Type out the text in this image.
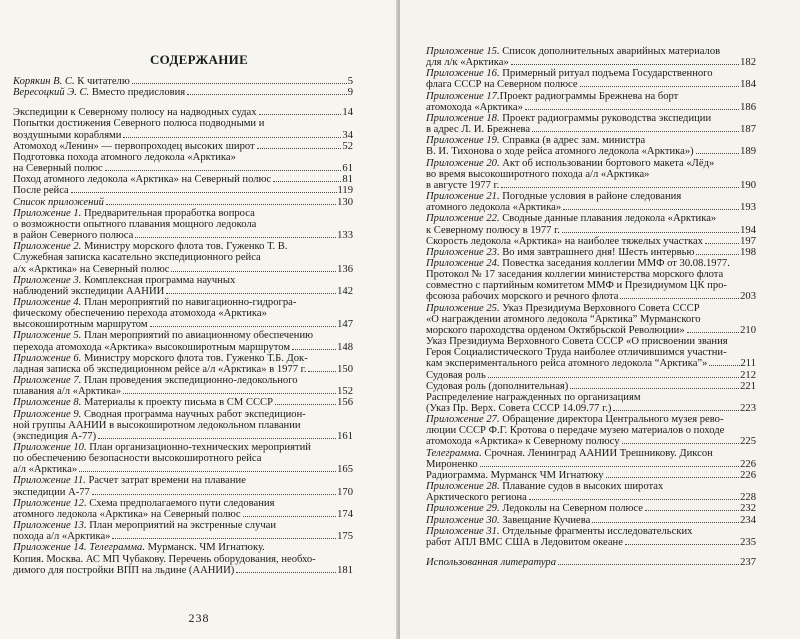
СОДЕРЖАНИЕ
Корякин В. С. К читателю	5
Вересоцкий Э. С. Вместо предисловия	9
Экспедиции к Северному полюсу на надводных судах	14
Попытки достижения Северного полюса подводными и
воздушными кораблями	34
Атомоход «Ленин» — первопроходец высоких широт	52
Подготовка похода атомного ледокола «Арктика»
на Северный полюс	61
Поход атомного ледокола «Арктика» на Северный полюс	81
После рейса	119
Список приложений	130
Приложение 1. Предварительная проработка вопроса
о возможности опытного плавания мощного ледокола
в район Северного полюса	133
Приложение 2. Министру морского флота тов. Гуженко Т. В.
Служебная записка касательно экспедиционного рейса
а/х «Арктика» на Северный полюс	136
Приложение 3. Комплексная программа научных
наблюдений экспедиции ААНИИ	142
Приложение 4. План мероприятий по навигационно-гидрогра-
фическому обеспечению перехода атомохода «Арктика»
высокоширотным маршрутом	147
Приложение 5. План мероприятий по авиационному обеспечению
перехода атомохода «Арктика» высокоширотным маршрутом	148
Приложение 6. Министру морского флота тов. Гуженко Т.Б. Док-
ладная записка об экспедиционном рейсе а/л «Арктика» в 1977 г.	150
Приложение 7. План проведения экспедиционно-ледокольного
плавания а/л «Арктика»	152
Приложение 8. Материалы к проекту письма в СМ СССР	156
Приложение 9. Сводная программа научных работ экспедицион-
ной группы ААНИИ в высокоширотном ледокольном плавании
(экспедиция А-77)	161
Приложение 10. План организационно-технических мероприятий
по обеспечению безопасности высокоширотного рейса
а/л «Арктика»	165
Приложение 11. Расчет затрат времени на плавание
экспедиции А-77	170
Приложение 12. Схема предполагаемого пути следования
атомного ледокола «Арктика» на Северный полюс	174
Приложение 13. План мероприятий на экстренные случаи
похода а/л «Арктика»	175
Приложение 14. Телеграмма. Мурманск. ЧМ Игнатюку.
Копия. Москва. АС МП Чубакову. Перечень оборудования, необхо-
димого для постройки ВПП на льдине (ААНИИ)	181
238
Приложение 15. Список дополнительных аварийных материалов
для л/к «Арктика»	182
Приложение 16. Примерный ритуал подъема Государственного
флага СССР на Северном полюсе	184
Приложение 17.Проект радиограммы Брежнева на борт
атомохода «Арктика»	186
Приложение 18. Проект радиограммы руководства экспедиции
в адрес Л. И. Брежнева	187
Приложение 19. Справка (в адрес зам. министра
В. И. Тихонова о ходе рейса атомного ледокола «Арктика»)	189
Приложение 20. Акт об использовании бортового макета «Лёд»
во время высокоширотного похода а/л «Арктика»
в августе 1977 г.	190
Приложение 21. Погодные условия в районе следования
атомного ледокола «Арктика»	193
Приложение 22. Сводные данные плавания ледокола «Арктика»
к Северному полюсу в 1977 г.	194
Скорость ледокола «Арктика» на наиболее тяжелых участках	197
Приложение 23. Во имя завтрашнего дня! Шесть интервью	198
Приложение 24. Повестка заседания коллегии ММФ от 30.08.1977.
Протокол № 17 заседания коллегии министерства морского флота
совместно с партийным комитетом ММФ и Президиумом ЦК про-
фсоюза рабочих морского и речного флота	203
Приложение 25. Указ Президиума Верховного Совета СССР
«О награждении атомного ледокола “Арктика” Мурманского
морского пароходства орденом Октябрьской Революции»	210
Указ Президиума Верховного Совета СССР «О присвоении звания
Героя Социалистического Труда наиболее отличившимся участни-
кам экспериментального рейса атомного ледокола “Арктика”»	211
Судовая роль	212
Судовая роль (дополнительная)	221
Распределение награжденных по организациям
(Указ Пр. Верх. Совета СССР 14.09.77 г.)	223
Приложение 27. Обращение директора Центрального музея рево-
люции СССР Ф.Г. Кротова о передаче музею материалов о походе
атомохода «Арктика» к Северному полюсу	225
Телеграмма. Срочная. Ленинград ААНИИ Трешникову. Диксон
Мироненко	226
Радиограмма. Мурманск ЧМ Игнатюку	226
Приложение 28. Плавание судов в высоких широтах
Арктического региона	228
Приложение 29. Ледоколы на Северном полюсе	232
Приложение 30. Завещание Кучиева	234
Приложение 31. Отдельные фрагменты исследовательских
работ АПЛ ВМС США в Ледовитом океане	235
Использованная литература	237
